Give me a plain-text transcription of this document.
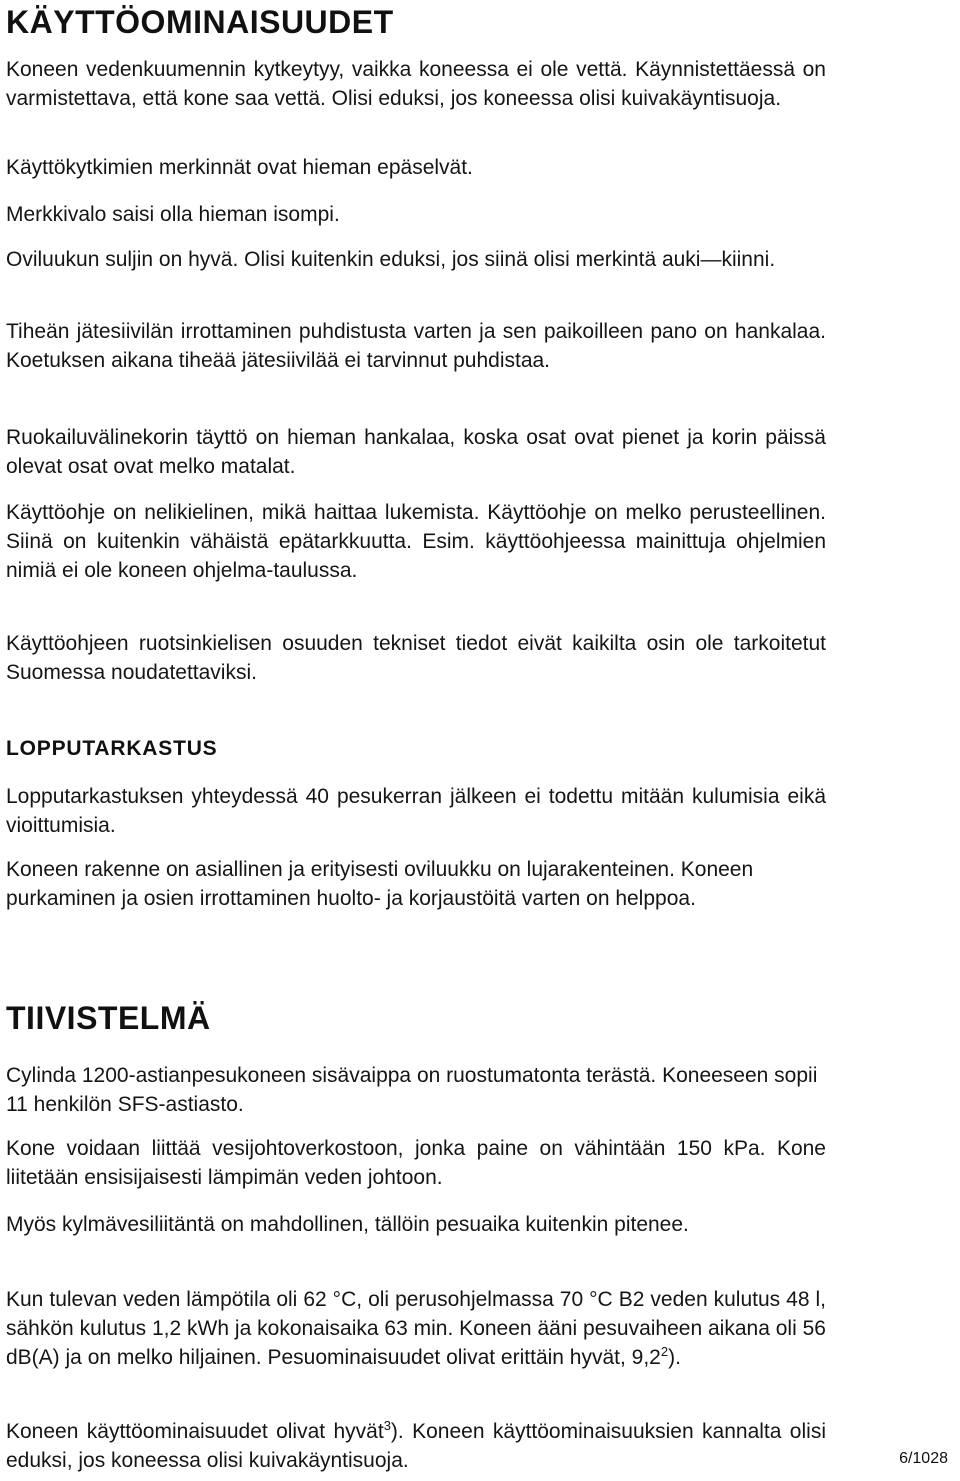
KÄYTTÖOMINAISUUDET

Koneen vedenkuumennin kytkeytyy, vaikka koneessa ei ole vettä. Käynnistettäessä on varmistettava, että kone saa vettä. Olisi eduksi, jos koneessa olisi kuivakäyntisuoja.

Käyttökytkimien merkinnät ovat hieman epäselvät.

Merkkivalo saisi olla hieman isompi.

Oviluukun suljin on hyvä. Olisi kuitenkin eduksi, jos siinä olisi merkintä auki—kiinni.

Tiheän jätesiivilän irrottaminen puhdistusta varten ja sen paikoilleen pano on hankalaa. Koetuksen aikana tiheää jätesiivilää ei tarvinnut puhdistaa.

Ruokailuvälinekorin täyttö on hieman hankalaa, koska osat ovat pienet ja korin päissä olevat osat ovat melko matalat.

Käyttöohje on nelikielinen, mikä haittaa lukemista. Käyttöohje on melko perusteellinen. Siinä on kuitenkin vähäistä epätarkkuutta. Esim. käyttöohjeessa mainittuja ohjelmien nimiä ei ole koneen ohjelma-taulussa.

Käyttöohjeen ruotsinkielisen osuuden tekniset tiedot eivät kaikilta osin ole tarkoitetut Suomessa noudatettaviksi.

LOPPUTARKASTUS

Lopputarkastuksen yhteydessä 40 pesukerran jälkeen ei todettu mitään kulumisia eikä vioittumisia.

Koneen rakenne on asiallinen ja erityisesti oviluukku on lujarakenteinen. Koneen purkaminen ja osien irrottaminen huolto- ja korjaustöitä varten on helppoa.

TIIVISTELMÄ

Cylinda 1200-astianpesukoneen sisävaippa on ruostumatonta terästä. Koneeseen sopii 11 henkilön SFS-astiasto.

Kone voidaan liittää vesijohtoverkostoon, jonka paine on vähintään 150 kPa. Kone liitetään ensisijaisesti lämpimän veden johtoon.

Myös kylmävesiliitäntä on mahdollinen, tällöin pesuaika kuitenkin pitenee.

Kun tulevan veden lämpötila oli 62 °C, oli perusohjelmassa 70 °C B2 veden kulutus 48 l, sähkön kulutus 1,2 kWh ja kokonaisaika 63 min. Koneen ääni pesuvaiheen aikana oli 56 dB(A) ja on melko hiljainen. Pesuominaisuudet olivat erittäin hyvät, $9,2^2$).

Koneen käyttöominaisuudet olivat hyvät$^3$). Koneen käyttöominaisuuksien kannalta olisi eduksi, jos koneessa olisi kuivakäyntisuoja.	6/1028
